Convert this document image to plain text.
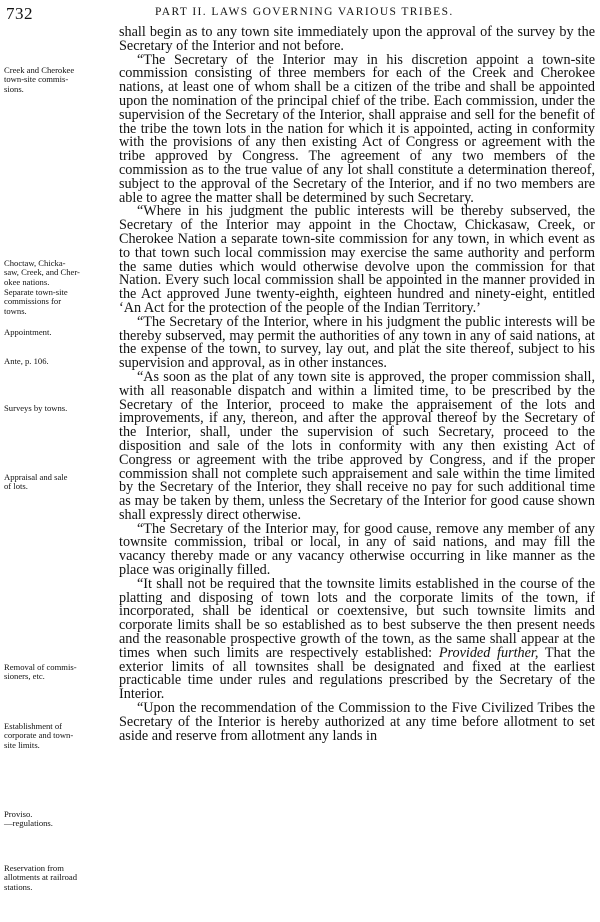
732	PART II. LAWS GOVERNING VARIOUS TRIBES.
Creek and Cherokee
town-site commis-
sions.
Choctaw, Chicka-
saw, Creek, and Cher-
okee nations.
Separate town-site
commissions for
towns.
Appointment.
Ante, p. 106.
Surveys by towns.
Appraisal and sale
of lots.
Removal of commis-
sioners, etc.
Establishment of
corporate and town-
site limits.
Proviso.
—regulations.
Reservation from
allotments at railroad
stations.

shall begin as to any town site immediately upon the approval of the survey by the Secretary of the Interior and not before.

“The Secretary of the Interior may in his discretion appoint a town-site commission consisting of three members for each of the Creek and Cherokee nations, at least one of whom shall be a citizen of the tribe and shall be appointed upon the nomination of the principal chief of the tribe. Each commission, under the supervision of the Secretary of the Interior, shall appraise and sell for the benefit of the tribe the town lots in the nation for which it is appointed, acting in conformity with the provisions of any then existing Act of Congress or agreement with the tribe approved by Congress. The agreement of any two members of the commission as to the true value of any lot shall constitute a determination thereof, subject to the approval of the Secretary of the Interior, and if no two members are able to agree the matter shall be determined by such Secretary.

“Where in his judgment the public interests will be thereby subserved, the Secretary of the Interior may appoint in the Choctaw, Chickasaw, Creek, or Cherokee Nation a separate town-site commission for any town, in which event as to that town such local commission may exercise the same authority and perform the same duties which would otherwise devolve upon the commission for that Nation. Every such local commission shall be appointed in the manner provided in the Act approved June twenty-eighth, eighteen hundred and ninety-eight, entitled ‘An Act for the protection of the people of the Indian Territory.’

“The Secretary of the Interior, where in his judgment the public interests will be thereby subserved, may permit the authorities of any town in any of said nations, at the expense of the town, to survey, lay out, and plat the site thereof, subject to his supervision and approval, as in other instances.

“As soon as the plat of any town site is approved, the proper commission shall, with all reasonable dispatch and within a limited time, to be prescribed by the Secretary of the Interior, proceed to make the appraisement of the lots and improvements, if any, thereon, and after the approval thereof by the Secretary of the Interior, shall, under the supervision of such Secretary, proceed to the disposition and sale of the lots in conformity with any then existing Act of Congress or agreement with the tribe approved by Congress, and if the proper commission shall not complete such appraisement and sale within the time limited by the Secretary of the Interior, they shall receive no pay for such additional time as may be taken by them, unless the Secretary of the Interior for good cause shown shall expressly direct otherwise.

“The Secretary of the Interior may, for good cause, remove any member of any townsite commission, tribal or local, in any of said nations, and may fill the vacancy thereby made or any vacancy otherwise occurring in like manner as the place was originally filled.

“It shall not be required that the townsite limits established in the course of the platting and disposing of town lots and the corporate limits of the town, if incorporated, shall be identical or coextensive, but such townsite limits and corporate limits shall be so established as to best subserve the then present needs and the reasonable prospective growth of the town, as the same shall appear at the times when such limits are respectively established: Provided further, That the exterior limits of all townsites shall be designated and fixed at the earliest practicable time under rules and regulations prescribed by the Secretary of the Interior.

“Upon the recommendation of the Commission to the Five Civilized Tribes the Secretary of the Interior is hereby authorized at any time before allotment to set aside and reserve from allotment any lands in
